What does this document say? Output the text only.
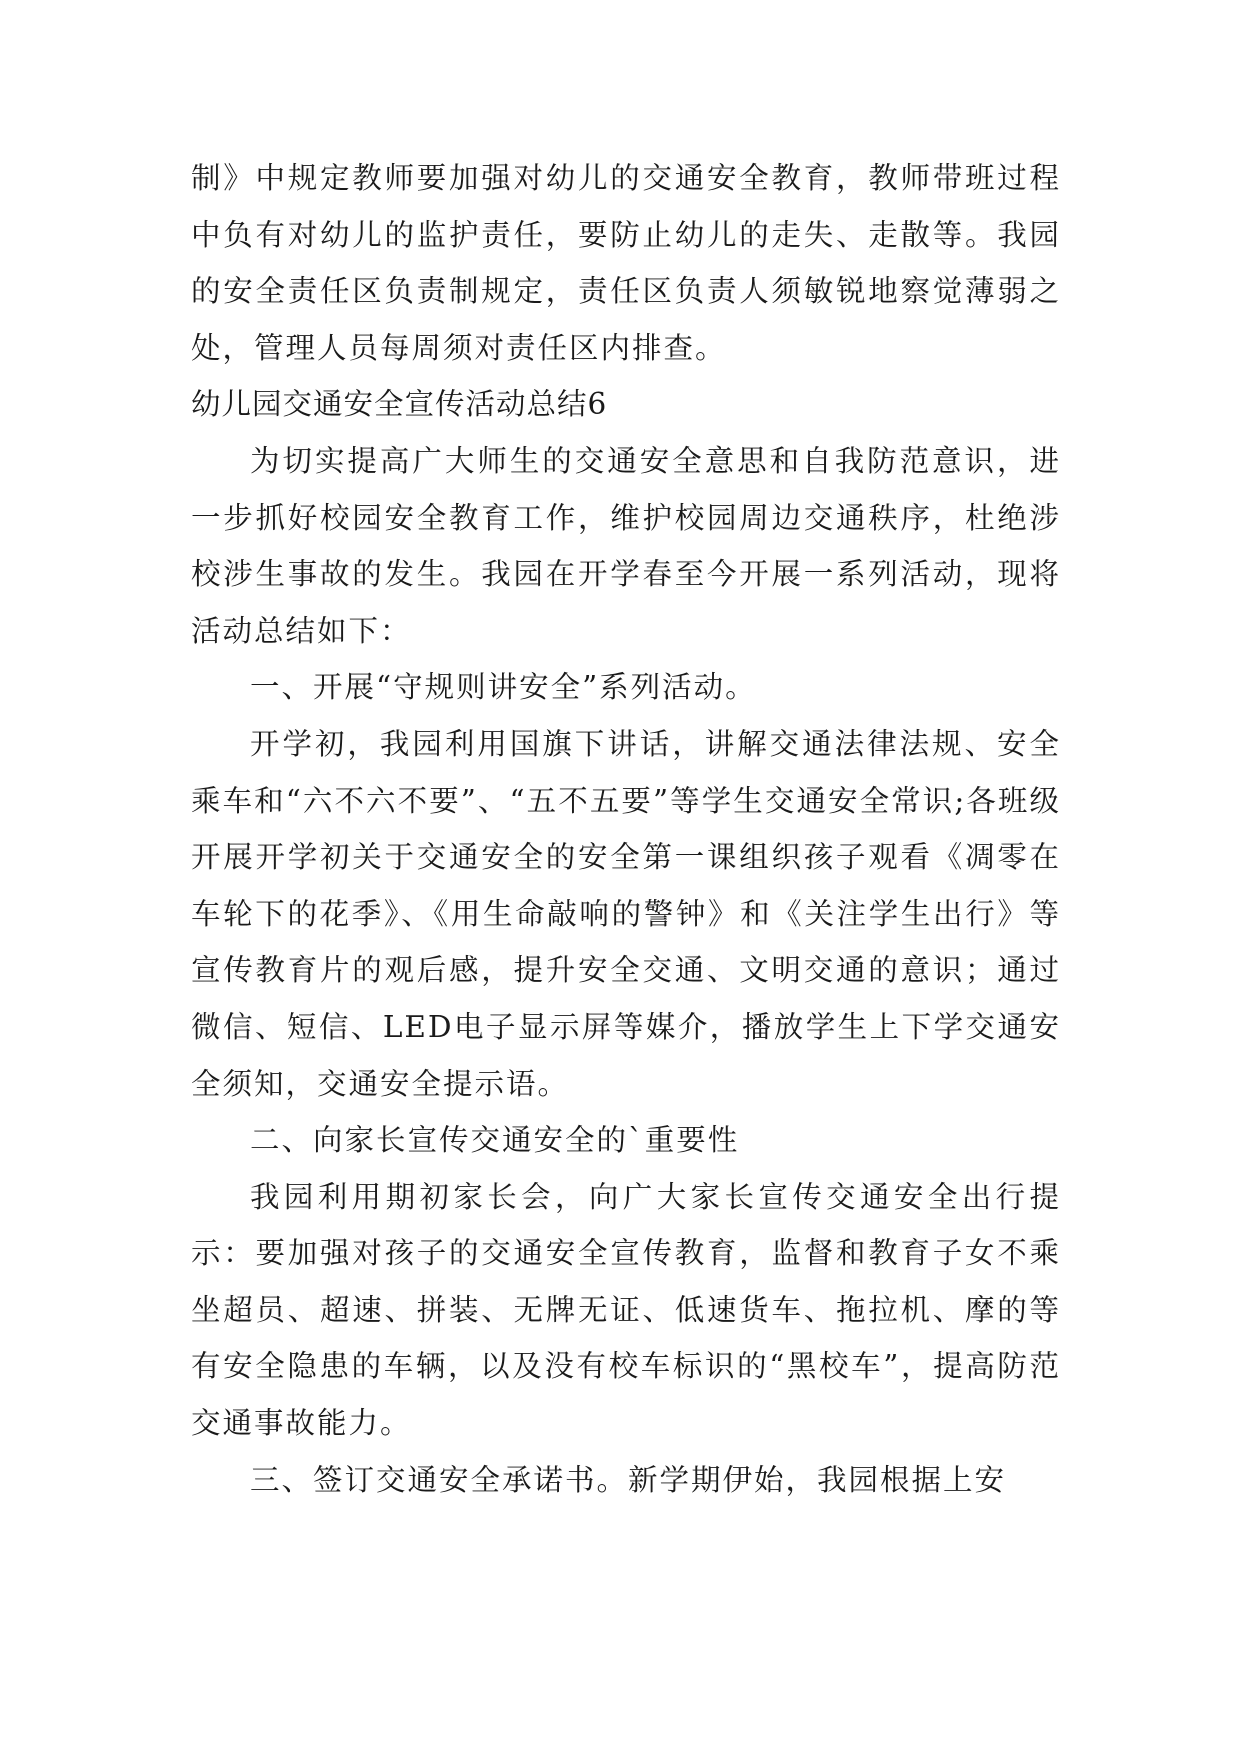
制》中规定教师要加强对幼儿的交通安全教育，教师带班过程中负有对幼儿的监护责任，要防止幼儿的走失、走散等。我园的安全责任区负责制规定，责任区负责人须敏锐地察觉薄弱之处，管理人员每周须对责任区内排查。

幼儿园交通安全宣传活动总结6

为切实提高广大师生的交通安全意思和自我防范意识，进一步抓好校园安全教育工作，维护校园周边交通秩序，杜绝涉校涉生事故的发生。我园在开学春至今开展一系列活动，现将活动总结如下：

一、开展“守规则讲安全”系列活动。

开学初，我园利用国旗下讲话，讲解交通法律法规、安全乘车和“六不六不要”、“五不五要”等学生交通安全常识;各班级开展开学初关于交通安全的安全第一课组织孩子观看《凋零在车轮下的花季》、《用生命敲响的警钟》和《关注学生出行》等宣传教育片的观后感，提升安全交通、文明交通的意识；通过微信、短信、LED电子显示屏等媒介，播放学生上下学交通安全须知，交通安全提示语。

二、向家长宣传交通安全的`重要性

我园利用期初家长会，向广大家长宣传交通安全出行提示：要加强对孩子的交通安全宣传教育，监督和教育子女不乘坐超员、超速、拼装、无牌无证、低速货车、拖拉机、摩的等有安全隐患的车辆，以及没有校车标识的“黑校车”，提高防范交通事故能力。

三、签订交通安全承诺书。新学期伊始，我园根据上安
